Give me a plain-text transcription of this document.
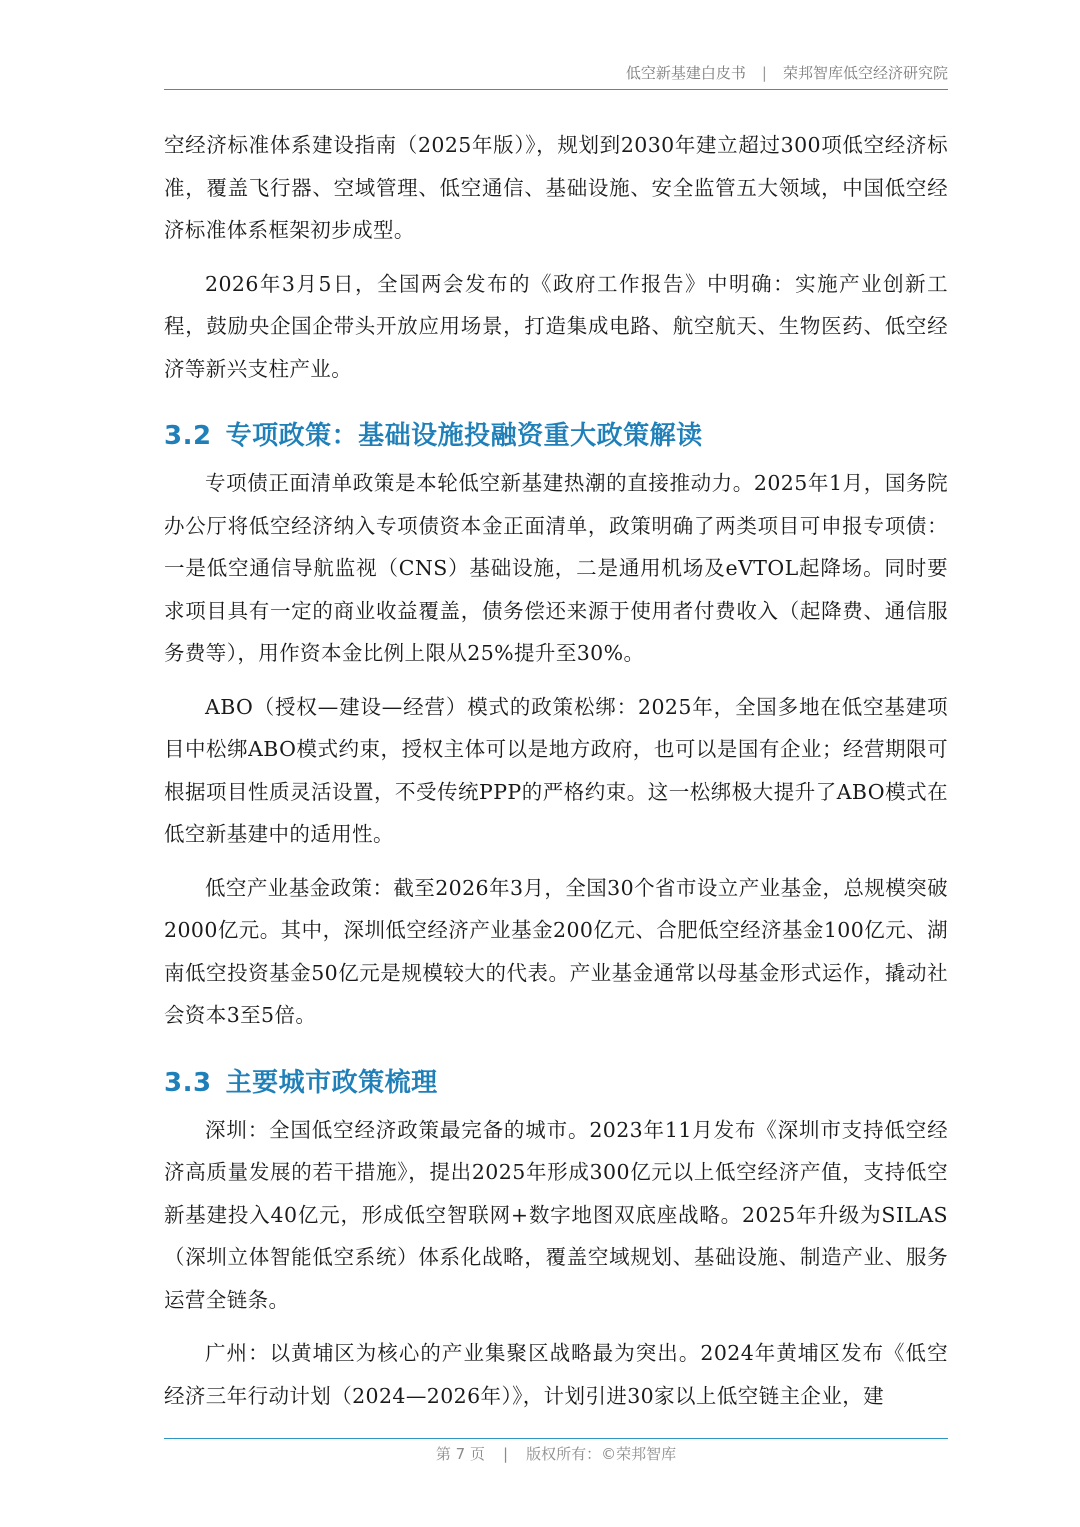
低空新基建白皮书 | 荣邦智库低空经济研究院

空经济标准体系建设指南（2025年版）》，规划到2030年建立超过300项低空经济标准，覆盖飞行器、空域管理、低空通信、基础设施、安全监管五大领域，中国低空经济标准体系框架初步成型。

2026年3月5日，全国两会发布的《政府工作报告》中明确：实施产业创新工程，鼓励央企国企带头开放应用场景，打造集成电路、航空航天、生物医药、低空经济等新兴支柱产业。

3.2 专项政策：基础设施投融资重大政策解读

专项债正面清单政策是本轮低空新基建热潮的直接推动力。2025年1月，国务院办公厅将低空经济纳入专项债资本金正面清单，政策明确了两类项目可申报专项债：一是低空通信导航监视（CNS）基础设施，二是通用机场及eVTOL起降场。同时要求项目具有一定的商业收益覆盖，债务偿还来源于使用者付费收入（起降费、通信服务费等），用作资本金比例上限从25%提升至30%。

ABO（授权—建设—经营）模式的政策松绑：2025年，全国多地在低空基建项目中松绑ABO模式约束，授权主体可以是地方政府，也可以是国有企业；经营期限可根据项目性质灵活设置，不受传统PPP的严格约束。这一松绑极大提升了ABO模式在低空新基建中的适用性。

低空产业基金政策：截至2026年3月，全国30个省市设立产业基金，总规模突破2000亿元。其中，深圳低空经济产业基金200亿元、合肥低空经济基金100亿元、湖南低空投资基金50亿元是规模较大的代表。产业基金通常以母基金形式运作，撬动社会资本3至5倍。

3.3 主要城市政策梳理

深圳：全国低空经济政策最完备的城市。2023年11月发布《深圳市支持低空经济高质量发展的若干措施》，提出2025年形成300亿元以上低空经济产值，支持低空新基建投入40亿元，形成低空智联网+数字地图双底座战略。2025年升级为SILAS（深圳立体智能低空系统）体系化战略，覆盖空域规划、基础设施、制造产业、服务运营全链条。

广州：以黄埔区为核心的产业集聚区战略最为突出。2024年黄埔区发布《低空经济三年行动计划（2024—2026年）》，计划引进30家以上低空链主企业，建

第 7 页 | 版权所有：©荣邦智库
